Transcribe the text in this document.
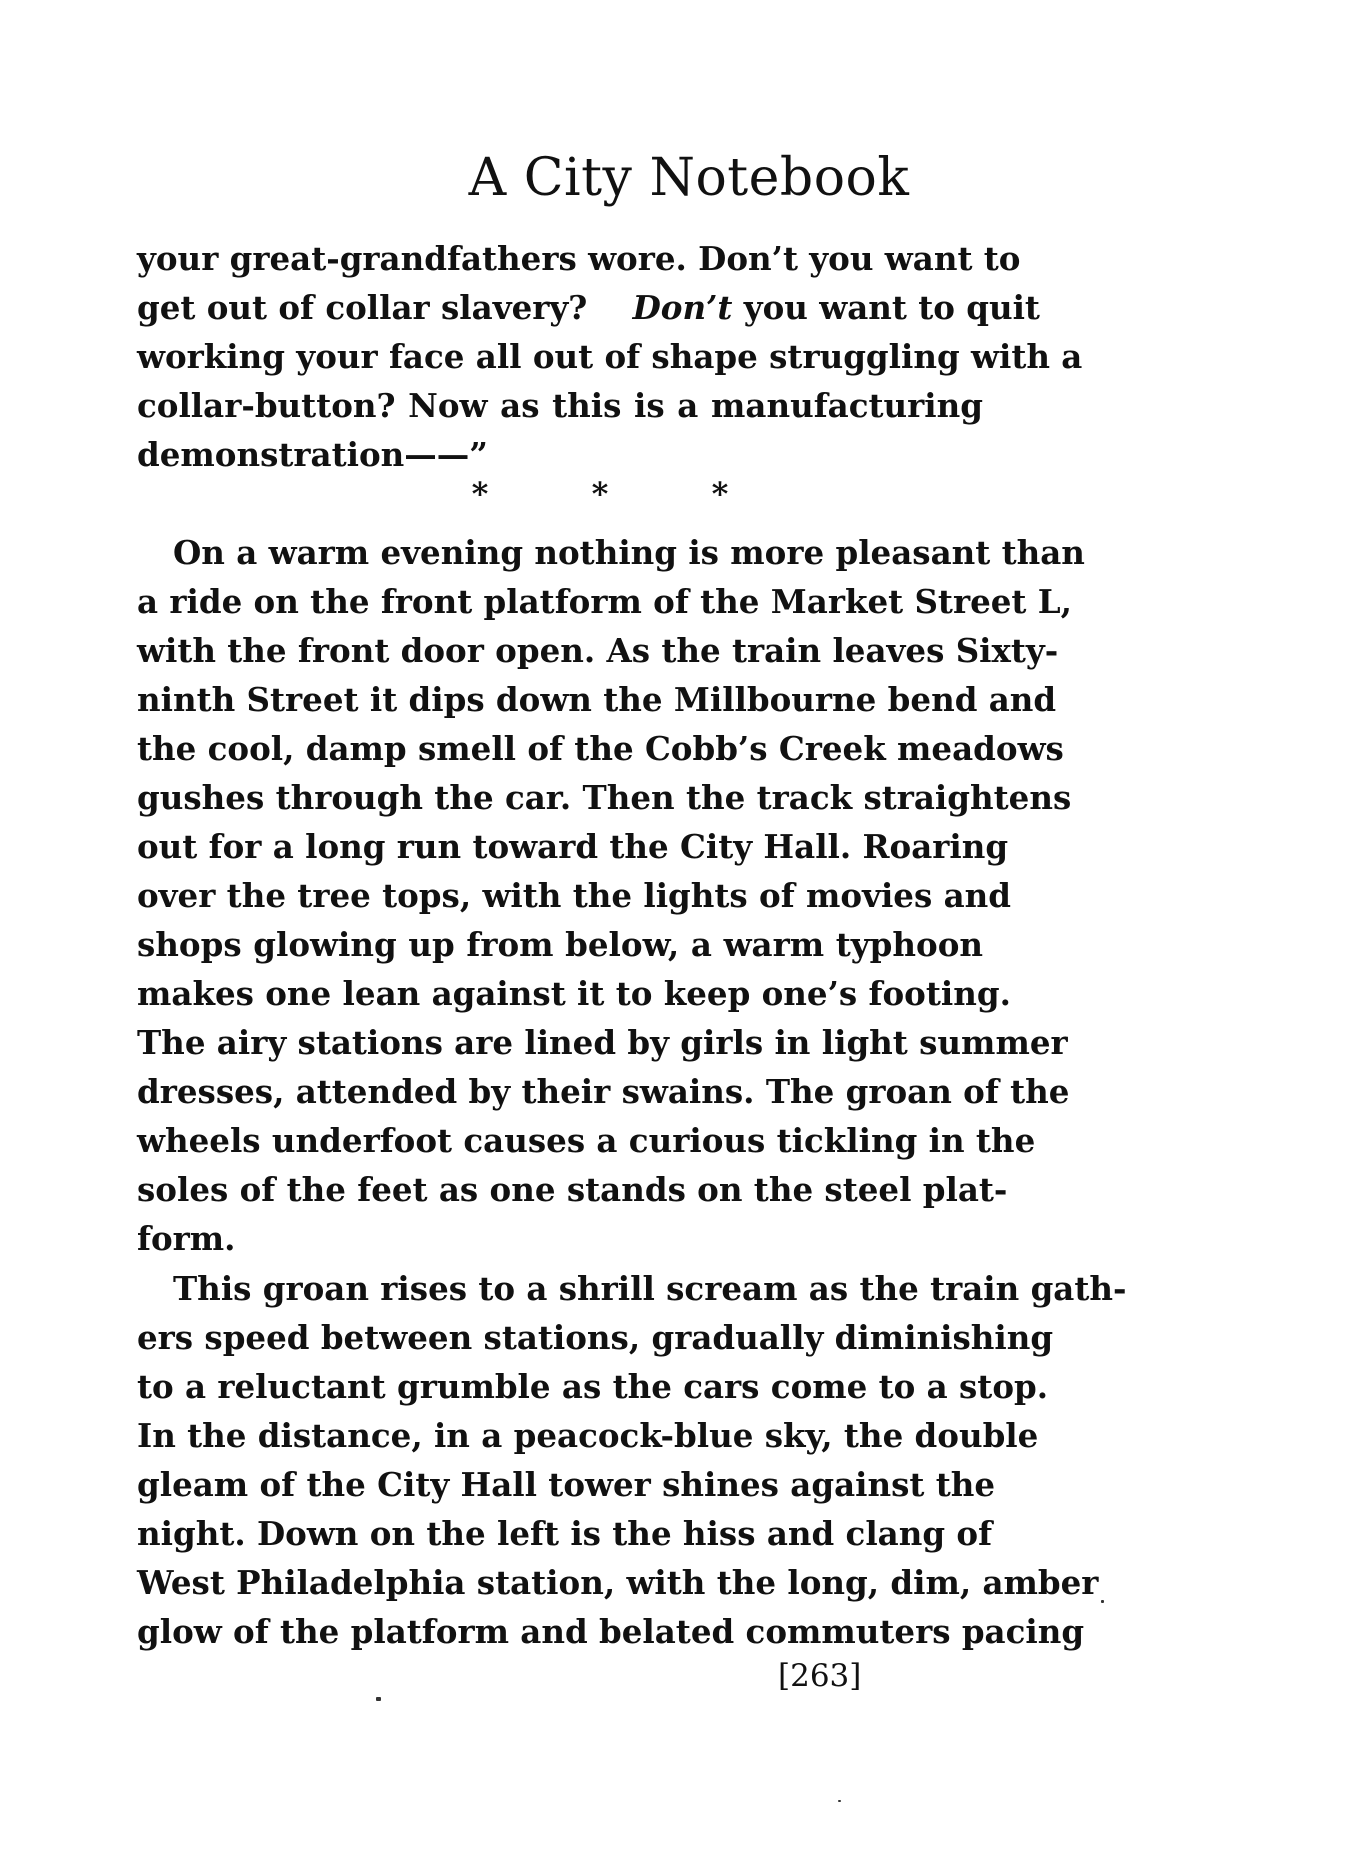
A City Notebook
your great-grandfathers wore. Don’t you want to
get out of collar slavery? Don’t you want to quit
working your face all out of shape struggling with a
collar-button? Now as this is a manufacturing
demonstration——”
*	*	*
On a warm evening nothing is more pleasant than
a ride on the front platform of the Market Street L,
with the front door open. As the train leaves Sixty-
ninth Street it dips down the Millbourne bend and
the cool, damp smell of the Cobb’s Creek meadows
gushes through the car. Then the track straightens
out for a long run toward the City Hall. Roaring
over the tree tops, with the lights of movies and
shops glowing up from below, a warm typhoon
makes one lean against it to keep one’s footing.
The airy stations are lined by girls in light summer
dresses, attended by their swains. The groan of the
wheels underfoot causes a curious tickling in the
soles of the feet as one stands on the steel plat-
form.
This groan rises to a shrill scream as the train gath-
ers speed between stations, gradually diminishing
to a reluctant grumble as the cars come to a stop.
In the distance, in a peacock-blue sky, the double
gleam of the City Hall tower shines against the
night. Down on the left is the hiss and clang of
West Philadelphia station, with the long, dim, amber
glow of the platform and belated commuters pacing
[263]
